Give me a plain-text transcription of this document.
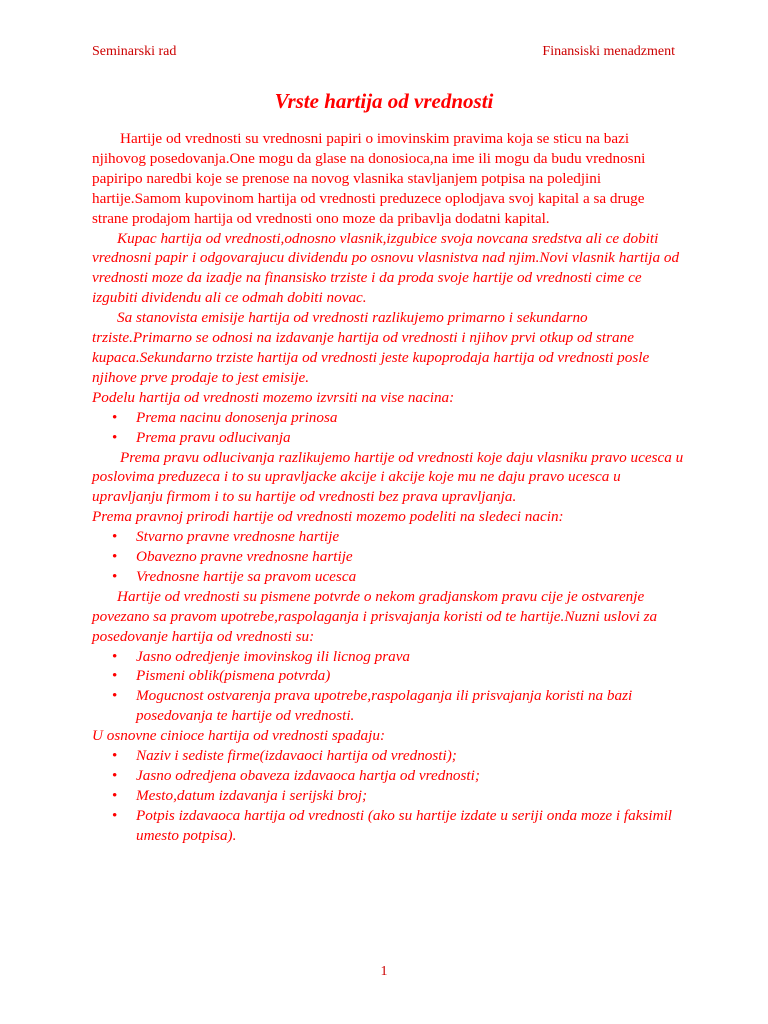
Seminarski rad	Finansiski menadzment
Vrste hartija od vrednosti

Hartije od vrednosti su vrednosni papiri o imovinskim pravima koja se sticu na bazi njihovog posedovanja.One mogu da glase na donosioca,na ime ili mogu da budu vrednosni papiripo naredbi koje se prenose na novog vlasnika stavljanjem potpisa na poledjini hartije.Samom kupovinom hartija od vrednosti preduzece oplodjava svoj kapital a sa druge strane prodajom hartija od vrednosti ono moze da pribavlja dodatni kapital.

Kupac hartija od vrednosti,odnosno vlasnik,izgubice svoja novcana sredstva ali ce dobiti vrednosni papir i odgovarajucu dividendu po osnovu vlasnistva nad njim.Novi vlasnik hartija od vrednosti moze da izadje na finansisko trziste i da proda svoje hartije od vrednosti cime ce izgubiti dividendu ali ce odmah dobiti novac.

Sa stanovista emisije hartija od vrednosti razlikujemo primarno i sekundarno trziste.Primarno se odnosi na izdavanje hartija od vrednosti i njihov prvi otkup od strane kupaca.Sekundarno trziste hartija od vrednosti jeste kupoprodaja hartija od vrednosti posle njihove prve prodaje to jest emisije.

Podelu hartija od vrednosti mozemo izvrsiti na vise nacina:

• Prema nacinu donosenja prinosa
• Prema pravu odlucivanja

Prema pravu odlucivanja razlikujemo hartije od vrednosti koje daju vlasniku pravo ucesca u poslovima preduzeca i to su upravljacke akcije i akcije koje mu ne daju pravo ucesca u upravljanju firmom i to su hartije od vrednosti bez prava upravljanja.

Prema pravnoj prirodi hartije od vrednosti mozemo podeliti na sledeci nacin:

• Stvarno pravne vrednosne hartije
• Obavezno pravne vrednosne hartije
• Vrednosne hartije sa pravom ucesca

Hartije od vrednosti su pismene potvrde o nekom gradjanskom pravu cije je ostvarenje povezano sa pravom upotrebe,raspolaganja i prisvajanja koristi od te hartije.Nuzni uslovi za posedovanje hartija od vrednosti su:

• Jasno odredjenje imovinskog ili licnog prava
• Pismeni oblik(pismena potvrda)
• Mogucnost ostvarenja prava upotrebe,raspolaganja ili prisvajanja koristi na bazi posedovanja te hartije od vrednosti.

U osnovne cinioce hartija od vrednosti spadaju:

• Naziv i sediste firme(izdavaoci hartija od vrednosti);
• Jasno odredjena obaveza izdavaoca hartja od vrednosti;
• Mesto,datum izdavanja i serijski broj;
• Potpis izdavaoca hartija od vrednosti (ako su hartije izdate u seriji onda moze i faksimil umesto potpisa).
1
